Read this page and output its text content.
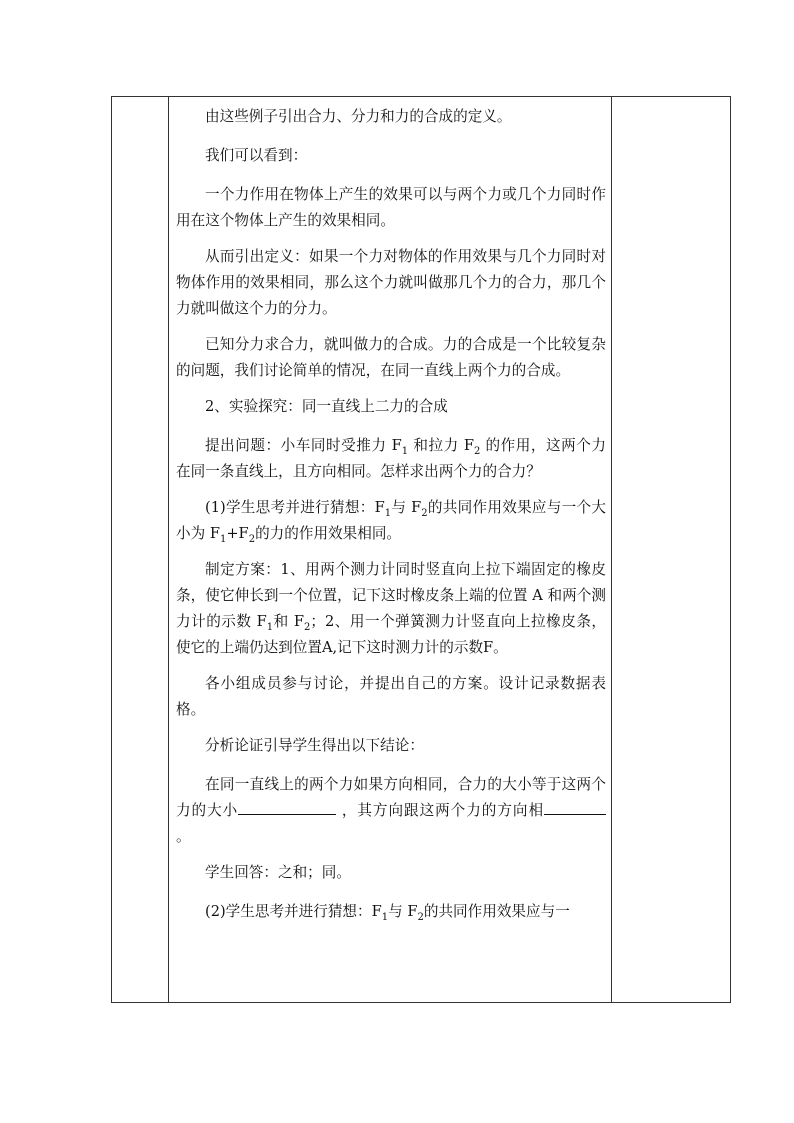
由这些例子引出合力、分力和力的合成的定义。

我们可以看到：

一个力作用在物体上产生的效果可以与两个力或几个力同时作用在这个物体上产生的效果相同。

从而引出定义：如果一个力对物体的作用效果与几个力同时对物体作用的效果相同，那么这个力就叫做那几个力的合力，那几个力就叫做这个力的分力。

已知分力求合力，就叫做力的合成。力的合成是一个比较复杂的问题，我们讨论简单的情况，在同一直线上两个力的合成。

2、实验探究：同一直线上二力的合成

提出问题：小车同时受推力 $F_1$ 和拉力 $F_2$ 的作用，这两个力在同一条直线上，且方向相同。怎样求出两个力的合力？

(1)学生思考并进行猜想：$F_1$与 $F_2$的共同作用效果应与一个大小为 $F_1+F_2$的力的作用效果相同。

制定方案：1、用两个测力计同时竖直向上拉下端固定的橡皮条，使它伸长到一个位置，记下这时橡皮条上端的位置 A 和两个测力计的示数 $F_1$和 $F_2$；2、用一个弹簧测力计竖直向上拉橡皮条，使它的上端仍达到位置A,记下这时测力计的示数F。

各小组成员参与讨论，并提出自己的方案。设计记录数据表格。

分析论证引导学生得出以下结论：

在同一直线上的两个力如果方向相同，合力的大小等于这两个力的大小	，其方向跟这两个力的方向相 。

学生回答：之和；同。

(2)学生思考并进行猜想：$F_1$与 $F_2$的共同作用效果应与一
